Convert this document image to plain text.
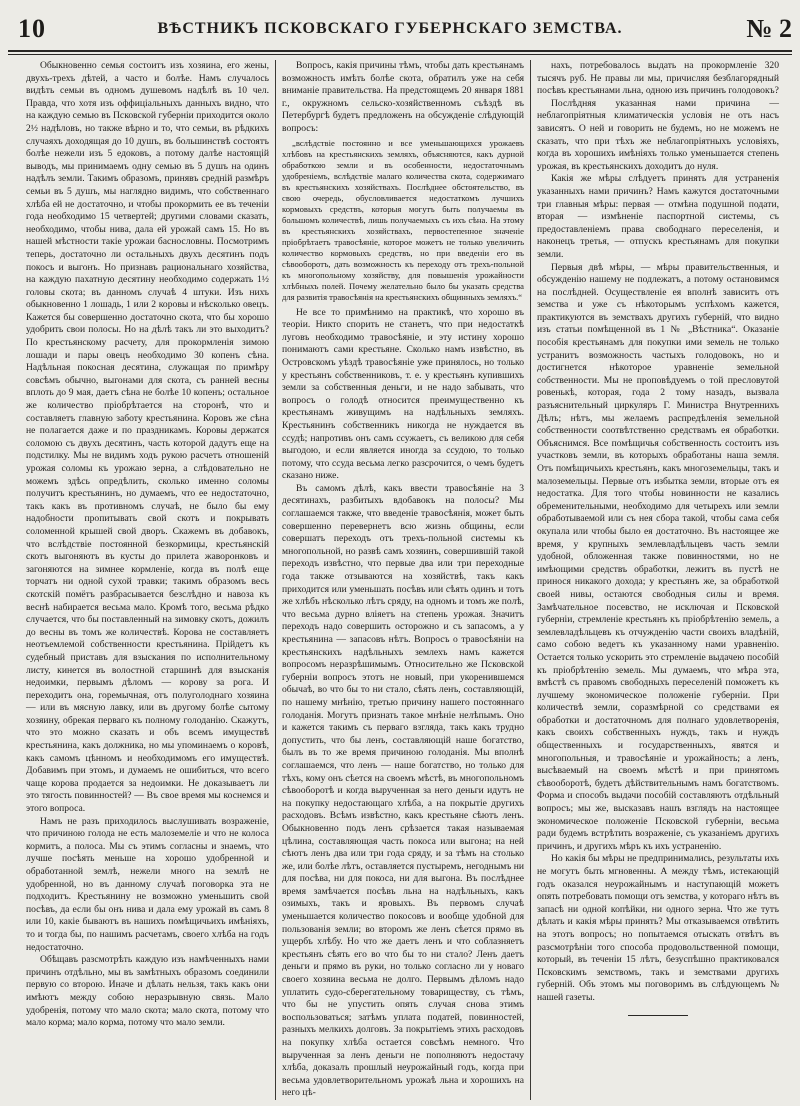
10	ВѢСТНИКЪ ПСКОВСКАГО ГУБЕРНСКАГО ЗЕМСТВА.	№ 2

Обыкновенно семья состоитъ изъ хозяина, его жены, двухъ-трехъ дѣтей, а часто и болѣе. Намъ случалось видѣть семьи въ одномъ душевомъ надѣлѣ въ 10 чел. Правда, что хотя изъ оффиціальныхъ данныхъ видно, что на каждую семью въ Псковской губерніи приходится около 2½ надѣловъ, но также вѣрно и то, что семьи, въ рѣдкихъ случаяхъ доходящая до 10 душъ, въ большинствѣ состоятъ болѣе нежели изъ 5 едоковъ, а потому далѣе настоящій выводъ, мы принимаемъ одну семью въ 5 душъ на одинъ надѣлъ земли. Такимъ образомъ, принявъ средній размѣръ семьи въ 5 душъ, мы наглядно видимъ, что собственнаго хлѣба ей не достаточно, и чтобы прокормить ее въ теченіи года необходимо 15 четвертей; другими словами сказать, необходимо, чтобы нива, дала ей урожай самъ 15. Но въ нашей мѣстности такіе урожаи баснословны. Посмотримъ теперь, достаточно ли остальныхъ двухъ десятинъ подъ покосъ и выгонъ. Но признавъ рациональнаго хозяйства, на каждую пахатную десятину необходимо содержать 1½ головы скота; въ данномъ случаѣ 4 штуки. Изъ нихъ обыкновенно 1 лошадь, 1 или 2 коровы и нѣсколько овецъ. Кажется бы совершенно достаточно скота, что бы хорошо удобрить свои полосы. Но на дѣлѣ такъ ли это выходитъ? По крестьянскому расчету, для прокормленія зимою лошади и пары овецъ необходимо 30 копенъ сѣна. Надѣльная покосная десятина, служащая по примѣру совсѣмъ обычно, выгонами для скота, съ ранней весны вплоть до 9 мая, даетъ сѣна не болѣе 10 копенъ; остальное же количество пріобрѣтается на сторонѣ, что и составляетъ главную заботу крестьянина. Коровъ же сѣна не полагается даже и по праздникамъ. Коровы держатся соломою съ двухъ десятинъ, часть которой дадутъ еще на подстилку. Мы не видимъ ходъ рукою расчетъ отношеній урожая соломы къ урожаю зерна, а слѣдовательно не можемъ здѣсь опредѣлить, сколько именно соломы получитъ крестьянинъ, но думаемъ, что ее недостаточно, такъ какъ въ противномъ случаѣ, не было бы ему надобности пропитывать свой скотъ и покрывать соломенной крышей свой дворъ. Скажемъ въ добавокъ, что вслѣдствіе постоянной безкормицы, крестьянскій скотъ выгоняютъ въ кусты до прилета жаворонковъ и загоняются на зимнее кормленіе, когда въ полѣ еще торчатъ ни одной сухой травки; такимъ образомъ весь скотскій помётъ разбрасывается безслѣдно и навоза къ веснѣ набирается весьма мало. Кромѣ того, весьма рѣдко случается, что бы поставленный на зимовку скотъ, дожилъ до весны въ томъ же количествѣ. Корова не составляетъ неотъемлемой собственности крестьянина. Прійдетъ къ судебный приставъ для взыскания по исполнительному листу, кинется въ волостной старшинѣ для взысканія недоимки, первымъ дѣломъ — корову за рога. И переходитъ она, горемычная, отъ полуголоднаго хозяина — или въ мясную лавку, или въ другому болѣе сытому хозяину, обрекая перваго къ полному голоданію. Скажутъ, что это можно сказать и объ всемъ имуществѣ крестьянина, какъ должника, но мы упоминаемъ о коровѣ, какъ самомъ цѣнномъ и необходимомъ его имуществѣ. Добавимъ при этомъ, и думаемъ не ошибиться, что всего чаще корова продается за недоимки. Не доказываетъ ли это тягость повинностей? — Въ свое время мы коснемся и этого вопроса.

Намъ не разъ приходилось выслушивать возраженіе, что причиною голода не есть малоземеліе и что не колоса кормитъ, а полоса. Мы съ этимъ согласны и знаемъ, что лучше посѣять меньше на хорошо удобренной и обработанной землѣ, нежели много на землѣ не удобренной, но въ данному случаѣ поговорка эта не подходитъ. Крестьянину не возможно уменьшить свой посѣвъ, да если бы онъ нива и дала ему урожай въ самъ 8 или 10, какіе бываютъ въ нашихъ помѣщичьихъ имѣніяхъ, то и тогда бы, по нашимъ расчетамъ, своего хлѣба на годъ недостаточно.

Обѣщавъ разсмотрѣть каждую изъ намѣченныхъ нами причинъ отдѣльно, мы въ замѣтныхъ образомъ соединили первую со второю. Иначе и дѣлать нельзя, такъ какъ они имѣютъ между собою неразрывную связь. Мало удобренія, потому что мало скота; мало скота, потому что мало корма; мало корма, потому что мало земли.

Вопросъ, какія причины тѣмъ, чтобы дать крестьянамъ возможность имѣть болѣе скота, обратилъ уже на себя вниманіе правительства. На предстоящемъ 20 января 1881 г., окружномъ сельско-хозяйственномъ съѣздѣ въ Петербургѣ будетъ предложенъ на обсужденіе слѣдующій вопросъ:

„вслѣдствіе постоянно и все уменьшающихся урожаевъ хлѣбовъ на крестьянскихъ земляхъ, объясняются, какъ дурной обработкою земли и въ особенности, недостаточнымъ удобреніемъ, вслѣдствіе малаго количества скота, содержимаго въ крестьянскихъ хозяйствахъ. Послѣднее обстоятельство, въ свою очередь, обусловливается недостаткомъ лучшихъ кормовыхъ средствъ, которыя могутъ быть получаемы въ большомъ количествѣ, лишь получаемыхъ съ ихъ сѣна. На этому въ крестьянскихъ хозяйствахъ, первостепенное значеніе пріобрѣтаетъ травосѣяніе, которое можетъ не только увеличить количество кормовыхъ средствъ, но при введеніи его въ сѣвооборотъ, дать возможность къ переходу отъ трехъ-польной къ многопольному хозяйству, для повышенія урожайности хлѣбныхъ полей. Почему желательно было бы указать средства для развитія травосѣянія на крестьянскихъ общинныхъ земляхъ.“

Не все то примѣнимо на практикѣ, что хорошо въ теоріи. Никто спорить не станетъ, что при недостаткѣ луговъ необходимо травосѣяніе, и эту истину хорошо понимаютъ сами крестьяне. Сколько намъ извѣстно, въ Островскомъ уѣздѣ травосѣяніе уже принялось, но только у крестьянъ собственниковъ, т. е. у крестьянъ купившихъ земли за собственныя деньги, и не надо забывать, что вопросъ о голодѣ относится преимущественно къ крестьянамъ живущимъ на надѣльныхъ земляхъ. Крестьянинъ собственникъ никогда не нуждается въ ссудѣ; напротивъ онъ самъ ссужаетъ, съ великою для себя выгодою, и если является иногда за ссудою, то только потому, что ссуда весьма легко разсрочится, о чемъ будетъ сказано ниже.

Въ самомъ дѣлѣ, какъ ввести травосѣяніе на 3 десятинахъ, разбитыхъ вдобавокъ на полосы? Мы соглашаемся также, что введеніе травосѣянія, может быть совершенно перевернетъ всю жизнь общины, если совершатъ переходъ отъ трехъ-польной системы къ многопольной, но развѣ самъ хозяинъ, совершившій такой переходъ извѣстно, что первые два или три переходные года также отзываются на хозяйствѣ, такъ какъ приходится или уменьшать посѣвъ или сѣять одинъ и тотъ же хлѣбъ нѣсколько лѣтъ сряду, на одномъ и томъ же полѣ, что весьма дурно вліяетъ на степень урожая. Значитъ переходъ надо совершить осторожно и съ запасомъ, а у крестьянина — запасовъ нѣтъ. Вопросъ о травосѣяніи на крестьянскихъ надѣльныхъ землехъ намъ кажется вопросомъ неразрѣшимымъ. Относительно же Псковской губерніи вопросъ этотъ не новый, при укоренившемся обычаѣ, во что бы то ни стало, сѣять ленъ, составляющій, по нашему мнѣнію, третью причину нашего постояннаго голоданія. Могутъ признать такое мнѣніе нелѣпымъ. Оно и кажется такимъ съ перваго взгляда, такъ какъ трудно допустить, что бы ленъ, составляющій наше богатство, былъ въ то же время причиною голоданія. Мы вполнѣ соглашаемся, что ленъ — наше богатство, но только для тѣхъ, кому онъ сѣется на своемъ мѣстѣ, въ многопольномъ сѣвооборотѣ и когда вырученная за него деньги идутъ не на покупку недостающаго хлѣба, а на покрытіе другихъ расходовъ. Всѣмъ извѣстно, какъ крестьяне сѣютъ ленъ. Обыкновенно подъ ленъ срѣзается такая называемая цѣлина, составляющая часть покоса или выгона; на ней сѣютъ ленъ два или три года сряду, и за тѣмъ на столько же, или болѣе лѣтъ, оставляется пустыремъ, негоднымъ ни для посѣва, ни для покоса, ни для выгона. Въ послѣднее время замѣчается посѣвъ льна на надѣльныхъ, какъ озимыхъ, такъ и яровыхъ. Въ первомъ случаѣ уменьшается количество покосовъ и вообще удобной для пользованія земли; во второмъ же ленъ сѣется прямо въ ущербъ хлѣбу. Но что же даетъ ленъ и что соблазняетъ крестьянъ сѣять его во что бы то ни стало? Ленъ даетъ деньги и прямо въ руки, но только согласно ли у новаго своего хозяина весьма не долго. Первымъ дѣломъ надо уплатить судо-сберегательному товариществу, съ тѣмъ, что бы не упустить опять случая снова этимъ воспользоваться; затѣмъ уплата податей, повинностей, разныхъ мелкихъ долговъ. За покрытіемъ этихъ расходовъ на покупку хлѣба остается совсѣмъ немного. Что вырученная за ленъ деньги не пополняютъ недостачу хлѣба, доказалъ прошлый неурожайный годъ, когда при весьма удовлетворительномъ урожаѣ льна и хорошихъ на него цѣ-

нахъ, потребовалось выдать на прокормленіе 320 тысячъ руб. Не правы ли мы, причисляя безблагорядный посѣвъ крестьянами льна, одною изъ причинъ голодовокъ?

Послѣдняя указанная нами причина — неблагопріятныя климатическія условія не отъ насъ зависятъ. О ней и говорить не будемъ, но не можемъ не сказать, что при тѣхъ же неблагопріятныхъ условіяхъ, когда въ хорошихъ имѣніяхъ только уменьшается степень урожая, въ крестьянскихъ доходитъ до нуля.

Какія же мѣры слѣдуетъ принять для устраненія указанныхъ нами причинъ? Намъ кажутся достаточными три главныя мѣры: первая — отмѣна подушной подати, вторая — измѣненіе паспортной системы, съ предоставленіемъ права свободнаго переселенія, и наконецъ третья, — отпускъ крестьянамъ для покупки земли.

Первыя двѣ мѣры, — мѣры правительственныя, и обсужденію нашему не подлежатъ, а потому остановимся на послѣдней. Осуществленіе ея вполнѣ зависитъ отъ земства и уже съ нѣкоторымъ успѣхомъ кажется, практикуются въ земствахъ другихъ губерній, что видно изъ статьи помѣщенной въ 1 № „Вѣстника“. Оказаніе пособія крестьянамъ для покупки ими земель не только устранитъ возможность частыхъ голодовокъ, но и достигнется нѣкоторое уравненіе земельной собственности. Мы не проповѣдуемъ о той пресловутой ровенькѣ, которая, года 2 тому назадъ, вызвала разъяснительный циркуляръ Г. Министра Внутреннихъ Дѣлъ; нѣтъ, мы желаемъ распредѣленія земельной собственности соотвѣтственно средствамъ ея обработки. Объяснимся. Все помѣщичья собственность состоитъ изъ участковъ земли, въ которыхъ обработаны наша земля. Отъ помѣщичьихъ крестьянъ, какъ многоземельцы, такъ и малоземельцы. Первые отъ избытка земли, вторые отъ ея недостатка. Для того чтобы новинности не казались обременительными, необходимо для четырехъ или земли обработываемой или съ нея сбора такой, чтобы сама себя окупала или чтобы было ея достаточно. Въ настоящее же время, у крупныхъ землевладѣльцевъ часть земли удобной, обложенная также повинностями, но не имѣющими средствъ обработки, лежитъ въ пустѣ не принося никакого дохода; у крестьянъ же, за обработкой своей нивы, остаются свободныя силы и время. Замѣчательное посевство, не исключая и Псковской губерніи, стремленіе крестьянъ къ пріобрѣтенію земель, а землевладѣльцевъ къ отчужденію части своихъ владѣній, само собою ведетъ къ указанному нами уравненію. Остается только ускорить это стремленіе выдачею пособій къ пріобрѣтенію земель. Мы думаемъ, что мѣра эта, вмѣстѣ съ правомъ свободныхъ переселеній поможетъ къ лучшему экономическое положеніе губерніи. При количествѣ земли, соразмѣрной со средствами ея обработки и достаточномъ для полнаго удовлетворенія, какъ своихъ собственныхъ нуждъ, такъ и нуждъ общественныхъ и государственныхъ, явятся и многопольныя, и травосѣяніе и урожайность; а ленъ, высѣваемый на своемъ мѣстѣ и при принятомъ сѣвооборотѣ, будетъ дѣйствительнымъ намъ богатствомъ. Форма и способъ выдачи пособій составляютъ отдѣльный вопросъ; мы же, высказавъ нашъ взглядъ на настоящее экономическое положеніе Псковской губерніи, весьма ради будемъ встрѣтить возраженіе, съ указаніемъ другихъ причинъ, и другихъ мѣръ къ ихъ устраненію.

Но какія бы мѣры не предпринимались, результаты ихъ не могутъ быть мгновенны. А между тѣмъ, истекающій годъ оказался неурожайнымъ и наступающій можетъ опять потребовать помощи отъ земства, у котораго нѣтъ въ запасѣ ни одной копѣйки, ни одного зерна. Что же тутъ дѣлать и какія мѣры принять? Мы отказываемся отвѣтить на этотъ вопросъ; но попытаемся отыскать отвѣтъ въ разсмотрѣніи того способа продовольственной помощи, который, въ теченіи 15 лѣтъ, безуспѣшно практиковался Псковскимъ земствомъ, такъ и земствами другихъ губерній. Объ этомъ мы поговоримъ въ слѣдующемъ № нашей газеты.
